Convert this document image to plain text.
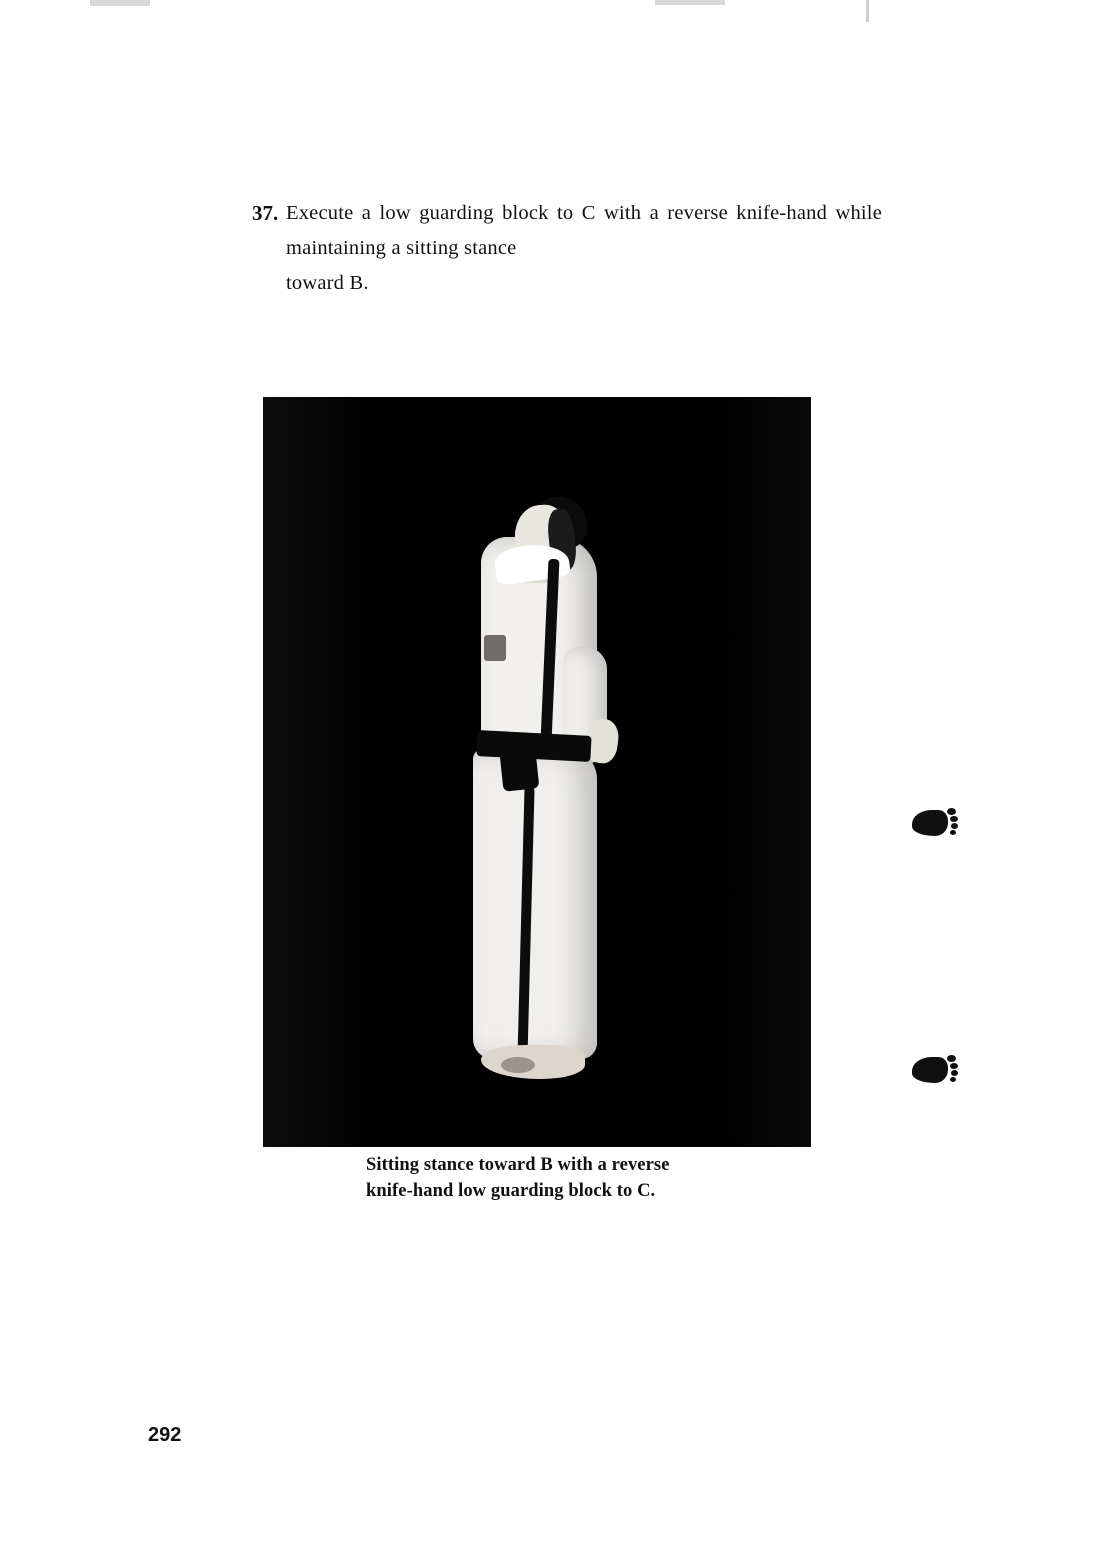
37. Execute a low guarding block to C with a reverse knife-hand while maintaining a sitting stance
toward B.
Sitting stance toward B with a reverse
knife-hand low guarding block to C.
292
